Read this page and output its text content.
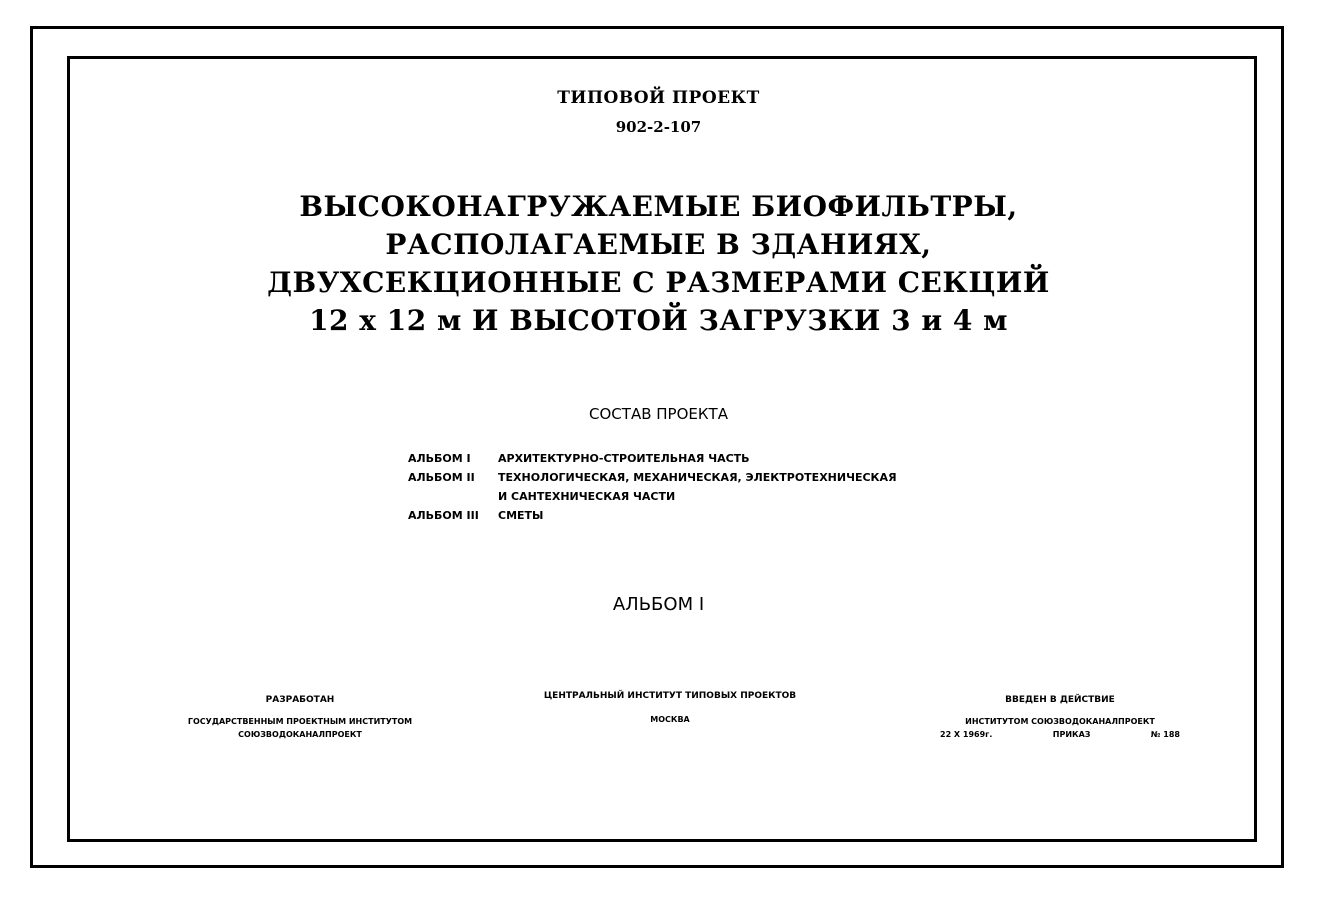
ТИПОВОЙ ПРОЕКТ
902-2-107
ВЫСОКОНАГРУЖАЕМЫЕ БИОФИЛЬТРЫ,
РАСПОЛАГАЕМЫЕ В ЗДАНИЯХ,
ДВУХСЕКЦИОННЫЕ С РАЗМЕРАМИ СЕКЦИЙ
12 х 12 м И ВЫСОТОЙ ЗАГРУЗКИ 3 и 4 м
СОСТАВ ПРОЕКТА
АЛЬБОМ I	АРХИТЕКТУРНО-СТРОИТЕЛЬНАЯ ЧАСТЬ
АЛЬБОМ II	ТЕХНОЛОГИЧЕСКАЯ, МЕХАНИЧЕСКАЯ, ЭЛЕКТРОТЕХНИЧЕСКАЯ
И САНТЕХНИЧЕСКАЯ ЧАСТИ
АЛЬБОМ III	СМЕТЫ
АЛЬБОМ I
РАЗРАБОТАН
ГОСУДАРСТВЕННЫМ ПРОЕКТНЫМ ИНСТИТУТОМ
СОЮЗВОДОКАНАЛПРОЕКТ
ЦЕНТРАЛЬНЫЙ ИНСТИТУТ ТИПОВЫХ ПРОЕКТОВ
МОСКВА
ВВЕДЕН В ДЕЙСТВИЕ
ИНСТИТУТОМ СОЮЗВОДОКАНАЛПРОЕКТ
22 X 1969г.	ПРИКАЗ	№ 188
